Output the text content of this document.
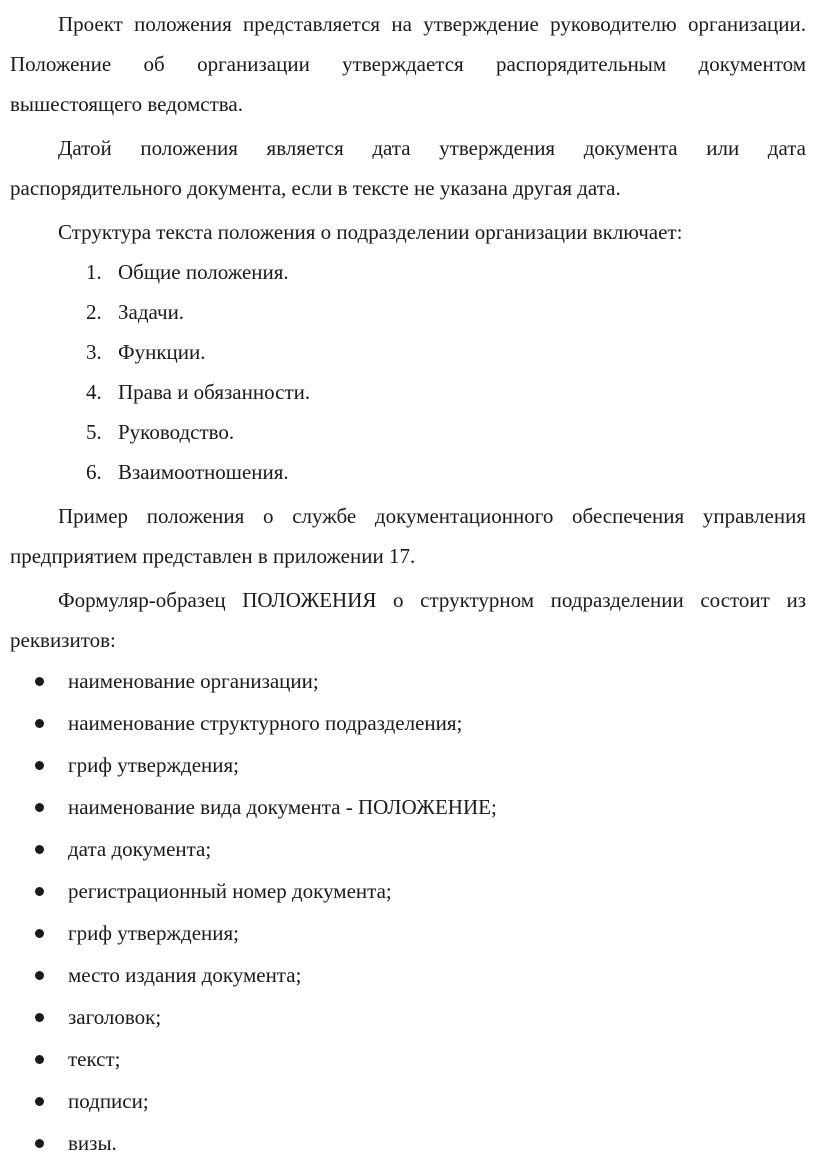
Проект положения представляется на утверждение руководителю организации. Положение об организации утверждается распорядительным документом вышестоящего ведомства.

Датой положения является дата утверждения документа или дата распорядительного документа, если в тексте не указана другая дата.

Структура текста положения о подразделении организации включает:

1. Общие положения.
2. Задачи.
3. Функции.
4. Права и обязанности.
5. Руководство.
6. Взаимоотношения.

Пример положения о службе документационного обеспечения управления предприятием представлен в приложении 17.

Формуляр-образец ПОЛОЖЕНИЯ о структурном подразделении состоит из реквизитов:

наименование организации;
наименование структурного подразделения;
гриф утверждения;
наименование вида документа - ПОЛОЖЕНИЕ;
дата документа;
регистрационный номер документа;
гриф утверждения;
место издания документа;
заголовок;
текст;
подписи;
визы.
